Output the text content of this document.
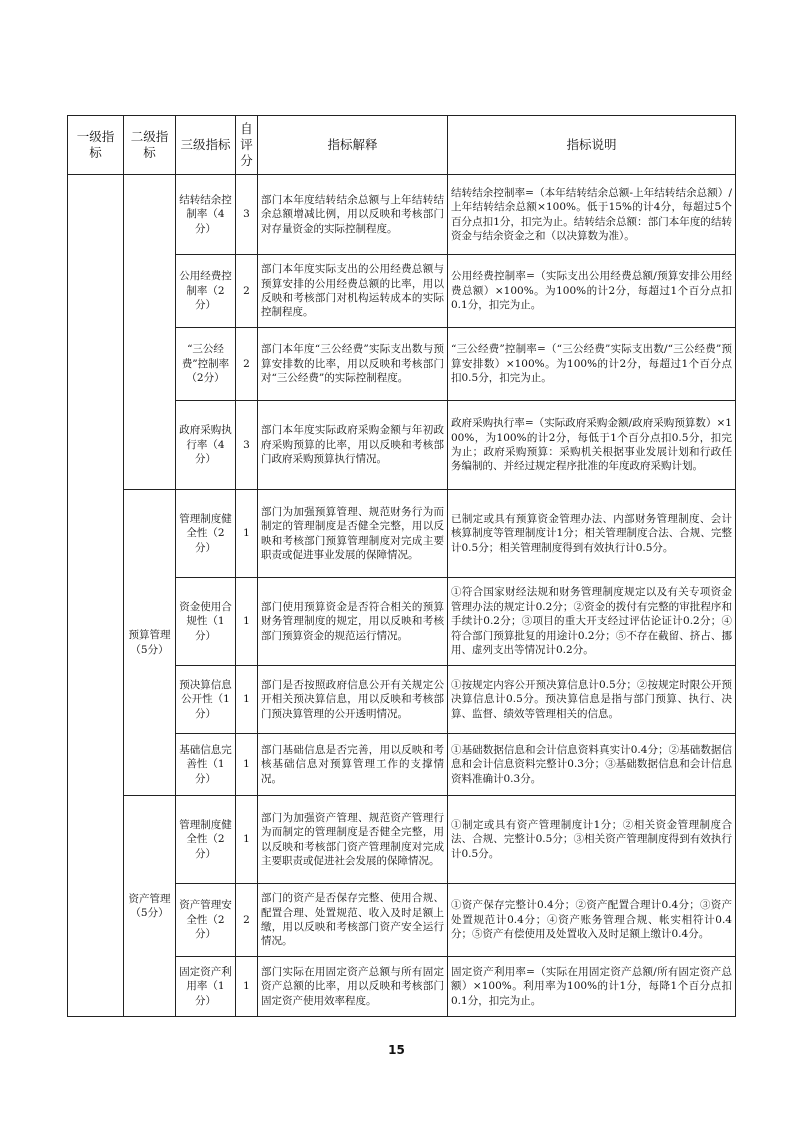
一级指标	二级指标	三级指标	自评分	指标解释	指标说明
		结转结余控制率（4分）	3	部门本年度结转结余总额与上年结转结余总额增减比例，用以反映和考核部门对存量资金的实际控制程度。	结转结余控制率=（本年结转结余总额-上年结转结余总额）/上年结转结余总额×100%。低于15%的计4分，每超过5个百分点扣1分，扣完为止。结转结余总额：部门本年度的结转资金与结余资金之和（以决算数为准）。
		公用经费控制率（2分）	2	部门本年度实际支出的公用经费总额与预算安排的公用经费总额的比率，用以反映和考核部门对机构运转成本的实际控制程度。	公用经费控制率=（实际支出公用经费总额/预算安排公用经费总额）×100%。为100%的计2分，每超过1个百分点扣0.1分，扣完为止。
		“三公经费”控制率（2分）	2	部门本年度“三公经费”实际支出数与预算安排数的比率，用以反映和考核部门对“三公经费”的实际控制程度。	“三公经费”控制率=（“三公经费”实际支出数/“三公经费”预算安排数）×100%。为100%的计2分，每超过1个百分点扣0.5分，扣完为止。
		政府采购执行率（4分）	3	部门本年度实际政府采购金额与年初政府采购预算的比率，用以反映和考核部门政府采购预算执行情况。	政府采购执行率=（实际政府采购金额/政府采购预算数）×100%，为100%的计2分，每低于1个百分点扣0.5分，扣完为止；政府采购预算：采购机关根据事业发展计划和行政任务编制的、并经过规定程序批准的年度政府采购计划。
	预算管理（5分）	管理制度健全性（2分）	1	部门为加强预算管理、规范财务行为而制定的管理制度是否健全完整，用以反映和考核部门预算管理制度对完成主要职责或促进事业发展的保障情况。	已制定或具有预算资金管理办法、内部财务管理制度、会计核算制度等管理制度计1分；相关管理制度合法、合规、完整计0.5分；相关管理制度得到有效执行计0.5分。
		资金使用合规性（1分）	1	部门使用预算资金是否符合相关的预算财务管理制度的规定，用以反映和考核部门预算资金的规范运行情况。	①符合国家财经法规和财务管理制度规定以及有关专项资金管理办法的规定计0.2分；②资金的拨付有完整的审批程序和手续计0.2分；③项目的重大开支经过评估论证计0.2分；④符合部门预算批复的用途计0.2分；⑤不存在截留、挤占、挪用、虚列支出等情况计0.2分。
		预决算信息公开性（1分）	1	部门是否按照政府信息公开有关规定公开相关预决算信息，用以反映和考核部门预决算管理的公开透明情况。	①按规定内容公开预决算信息计0.5分；②按规定时限公开预决算信息计0.5分。预决算信息是指与部门预算、执行、决算、监督、绩效等管理相关的信息。
		基础信息完善性（1分）	1	部门基础信息是否完善，用以反映和考核基础信息对预算管理工作的支撑情况。	①基础数据信息和会计信息资料真实计0.4分；②基础数据信息和会计信息资料完整计0.3分；③基础数据信息和会计信息资料准确计0.3分。
	资产管理（5分）	管理制度健全性（2分）	1	部门为加强资产管理、规范资产管理行为而制定的管理制度是否健全完整，用以反映和考核部门资产管理制度对完成主要职责或促进社会发展的保障情况。	①制定或具有资产管理制度计1分；②相关资金管理制度合法、合规、完整计0.5分；③相关资产管理制度得到有效执行计0.5分。
		资产管理安全性（2分）	2	部门的资产是否保存完整、使用合规、配置合理、处置规范、收入及时足额上缴，用以反映和考核部门资产安全运行情况。	①资产保存完整计0.4分；②资产配置合理计0.4分；③资产处置规范计0.4分；④资产账务管理合规、帐实相符计0.4分；⑤资产有偿使用及处置收入及时足额上缴计0.4分。
		固定资产利用率（1分）	1	部门实际在用固定资产总额与所有固定资产总额的比率，用以反映和考核部门固定资产使用效率程度。	固定资产利用率=（实际在用固定资产总额/所有固定资产总额）×100%。利用率为100%的计1分，每降1个百分点扣0.1分，扣完为止。
15
